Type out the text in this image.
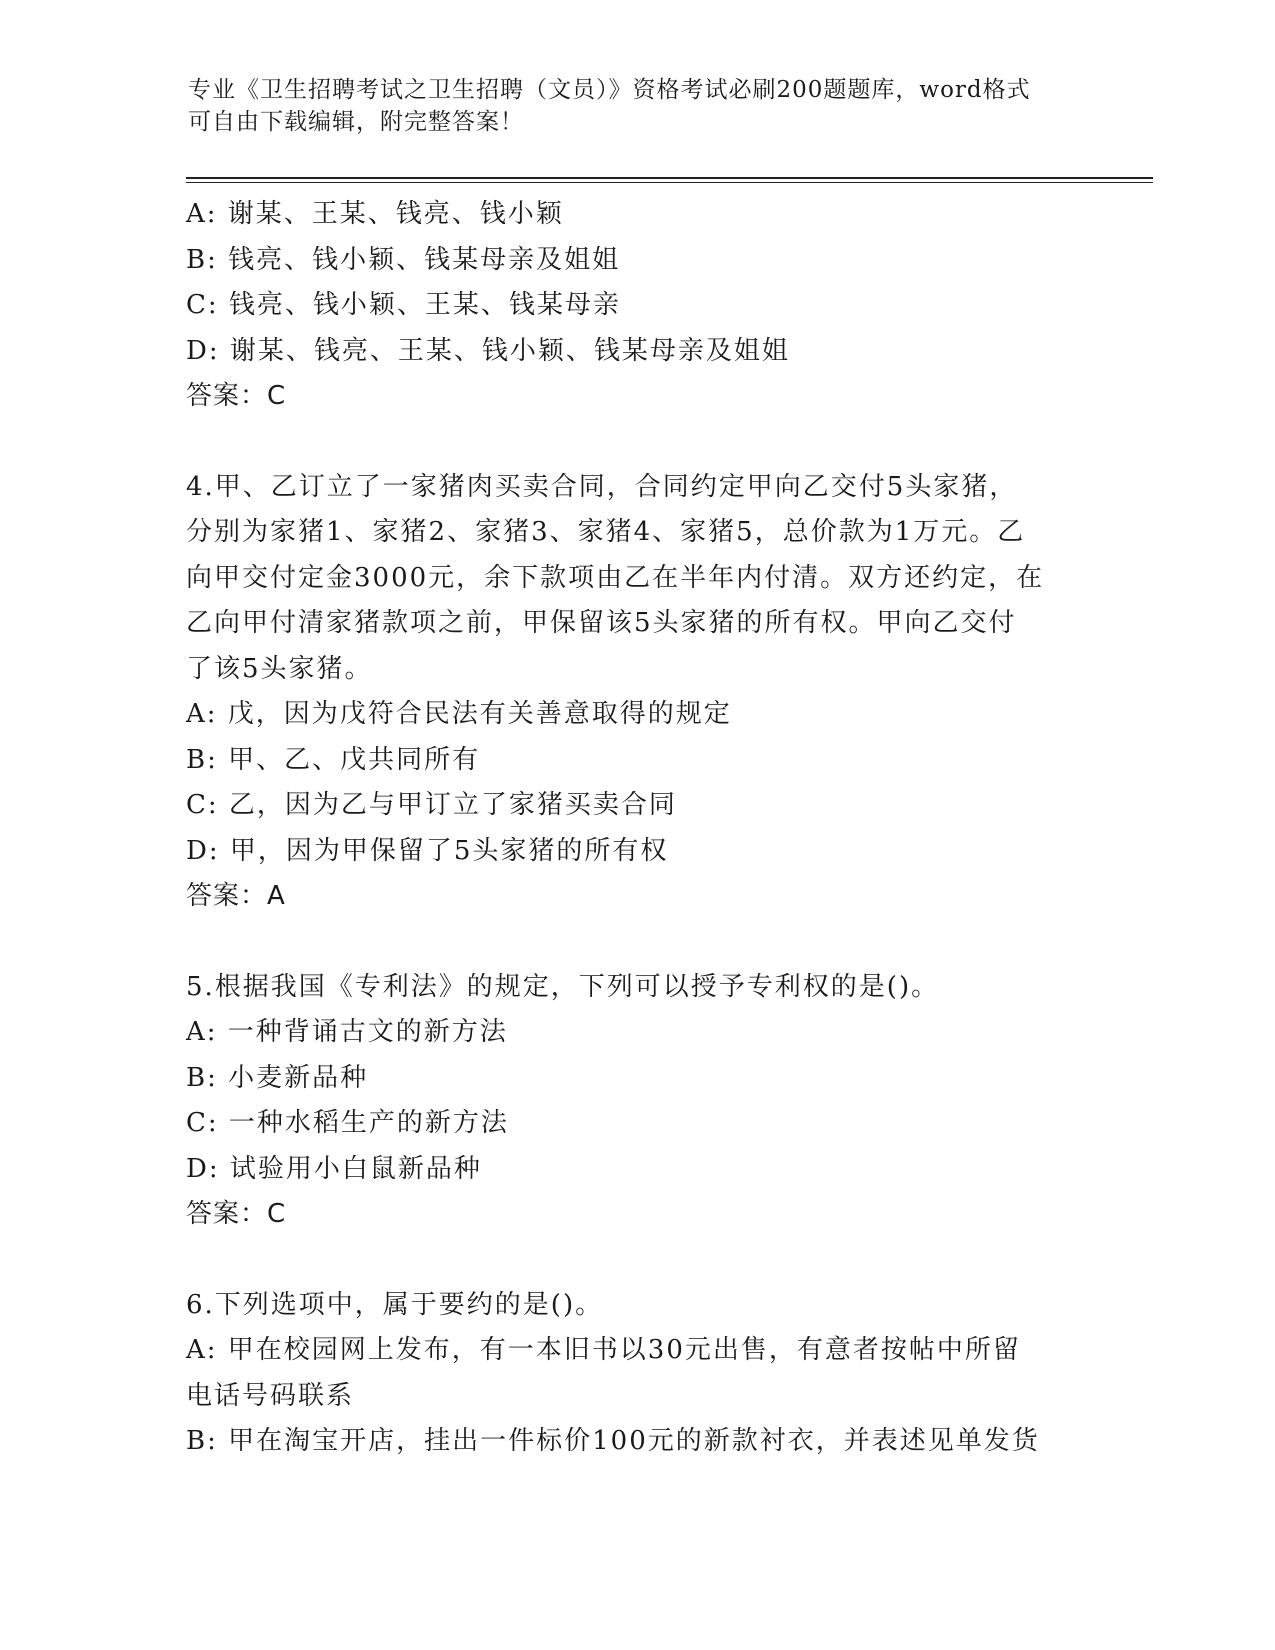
专业《卫生招聘考试之卫生招聘（文员）》资格考试必刷200题题库，word格式
可自由下载编辑，附完整答案！
A: 谢某、王某、钱亮、钱小颖
B: 钱亮、钱小颖、钱某母亲及姐姐
C: 钱亮、钱小颖、王某、钱某母亲
D: 谢某、钱亮、王某、钱小颖、钱某母亲及姐姐
答案：C
4.甲、乙订立了一家猪肉买卖合同，合同约定甲向乙交付5头家猪，
分别为家猪1、家猪2、家猪3、家猪4、家猪5，总价款为1万元。乙
向甲交付定金3000元，余下款项由乙在半年内付清。双方还约定，在
乙向甲付清家猪款项之前，甲保留该5头家猪的所有权。甲向乙交付
了该5头家猪。
A: 戊，因为戊符合民法有关善意取得的规定
B: 甲、乙、戊共同所有
C: 乙，因为乙与甲订立了家猪买卖合同
D: 甲，因为甲保留了5头家猪的所有权
答案：A
5.根据我国《专利法》的规定，下列可以授予专利权的是()。
A: 一种背诵古文的新方法
B: 小麦新品种
C: 一种水稻生产的新方法
D: 试验用小白鼠新品种
答案：C
6.下列选项中，属于要约的是()。
A: 甲在校园网上发布，有一本旧书以30元出售，有意者按帖中所留
电话号码联系
B: 甲在淘宝开店，挂出一件标价100元的新款衬衣，并表述见单发货
